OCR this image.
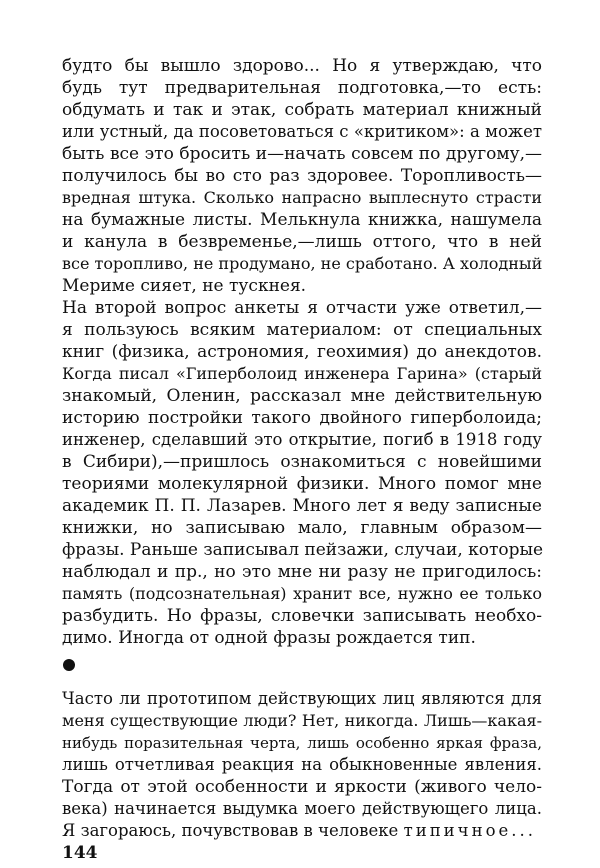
будто бы вышло здорово... Но я утверждаю, что
будь тут предварительная подготовка,—то есть:
обдумать и так и этак, собрать материал книжный
или устный, да посоветоваться с «критиком»: а может
быть все это бросить и—начать совсем по другому,—
получилось бы во сто раз здоровее. Торопливость—
вредная штука. Сколько напрасно выплеснуто страсти
на бумажные листы. Мелькнула книжка, нашумела
и канула в безвременье,—лишь оттого, что в ней
все торопливо, не продумано, не сработано. А холодный
Мериме сияет, не тускнея.
На второй вопрос анкеты я отчасти уже ответил,—
я пользуюсь всяким материалом: от специальных
книг (физика, астрономия, геохимия) до анекдотов.
Когда писал «Гиперболоид инженера Гарина» (старый
знакомый, Оленин, рассказал мне действительную
историю постройки такого двойного гиперболоида;
инженер, сделавший это открытие, погиб в 1918 году
в Сибири),—пришлось ознакомиться с новейшими
теориями молекулярной физики. Много помог мне
академик П. П. Лазарев. Много лет я веду записные
книжки, но записываю мало, главным образом—
фразы. Раньше записывал пейзажи, случаи, которые
наблюдал и пр., но это мне ни разу не пригодилось:
память (подсознательная) хранит все, нужно ее только
разбудить. Но фразы, словечки записывать необхо-
димо. Иногда от одной фразы рождается тип.
Часто ли прототипом действующих лиц являются для
меня существующие люди? Нет, никогда. Лишь—какая-
нибудь поразительная черта, лишь особенно яркая фраза,
лишь отчетливая реакция на обыкновенные явления.
Тогда от этой особенности и яркости (живого чело-
века) начинается выдумка моего действующего лица.
Я загораюсь, почувствовав в человеке типичное...
144
